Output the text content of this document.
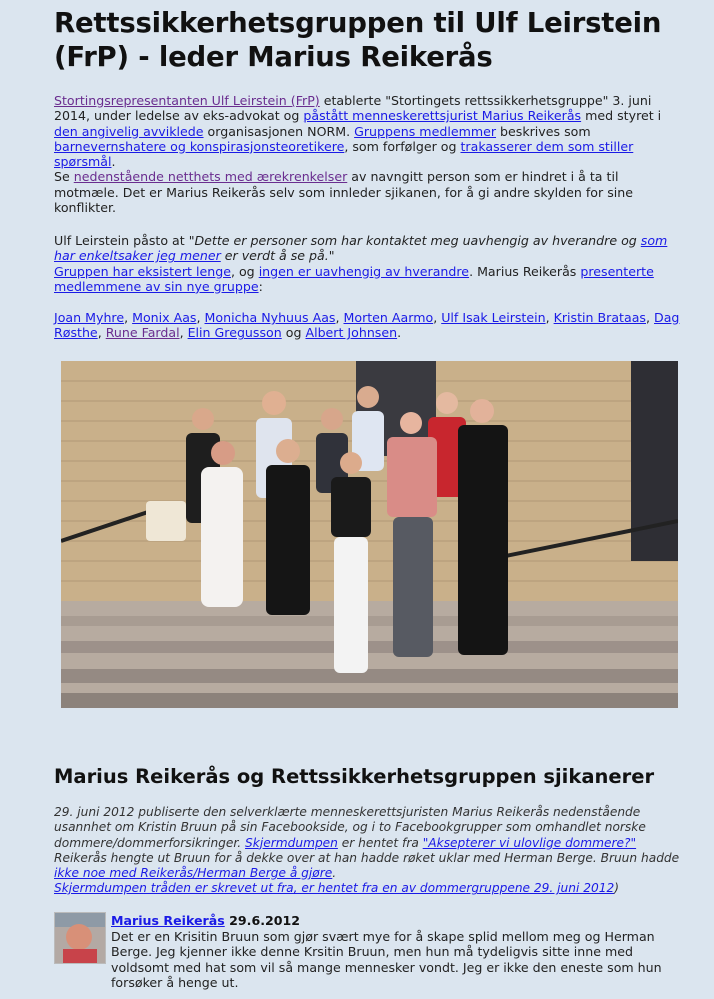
Rettssikkerhetsgruppen til Ulf Leirstein (FrP) - leder Marius Reikerås
Stortingsrepresentanten Ulf Leirstein (FrP) etablerte "Stortingets rettssikkerhetsgruppe" 3. juni 2014, under ledelse av eks-advokat og påstått menneskerettsjurist Marius Reikerås med styret i den angivelig avviklede organisasjonen NORM. Gruppens medlemmer beskrives som barnevernshatere og konspirasjonsteoretikere, som forfølger og trakasserer dem som stiller spørsmål.
Se nedenstående netthets med ærekrenkelser av navngitt person som er hindret i å ta til motmæle. Det er Marius Reikerås selv som innleder sjikanen, for å gi andre skylden for sine konflikter.
Ulf Leirstein påsto at "Dette er personer som har kontaktet meg uavhengig av hverandre og som har enkeltsaker jeg mener er verdt å se på."
Gruppen har eksistert lenge, og ingen er uavhengig av hverandre. Marius Reikerås presenterte medlemmene av sin nye gruppe:
Joan Myhre, Monix Aas, Monicha Nyhuus Aas, Morten Aarmo, Ulf Isak Leirstein, Kristin Brataas, Dag Røsthe, Rune Fardal, Elin Gregusson og Albert Johnsen.
Marius Reikerås og Rettssikkerhetsgruppen sjikanerer
29. juni 2012 publiserte den selverklærte menneskerettsjuristen Marius Reikerås nedenstående usannhet om Kristin Bruun på sin Facebookside, og i to Facebookgrupper som omhandlet norske dommere/dommerforsikringer. Skjermdumpen er hentet fra "Aksepterer vi ulovlige dommere?"
Reikerås hengte ut Bruun for å dekke over at han hadde røket uklar med Herman Berge. Bruun hadde ikke noe med Reikerås/Herman Berge å gjøre.
Skjermdumpen tråden er skrevet ut fra, er hentet fra en av dommergruppene 29. juni 2012)
Marius Reikerås 29.6.2012
Det er en Krisitin Bruun som gjør svært mye for å skape splid mellom meg og Herman Berge. Jeg kjenner ikke denne Krsitin Bruun, men hun må tydeligvis sitte inne med voldsomt med hat som vil så mange mennesker vondt. Jeg er ikke den eneste som hun forsøker å henge ut.
